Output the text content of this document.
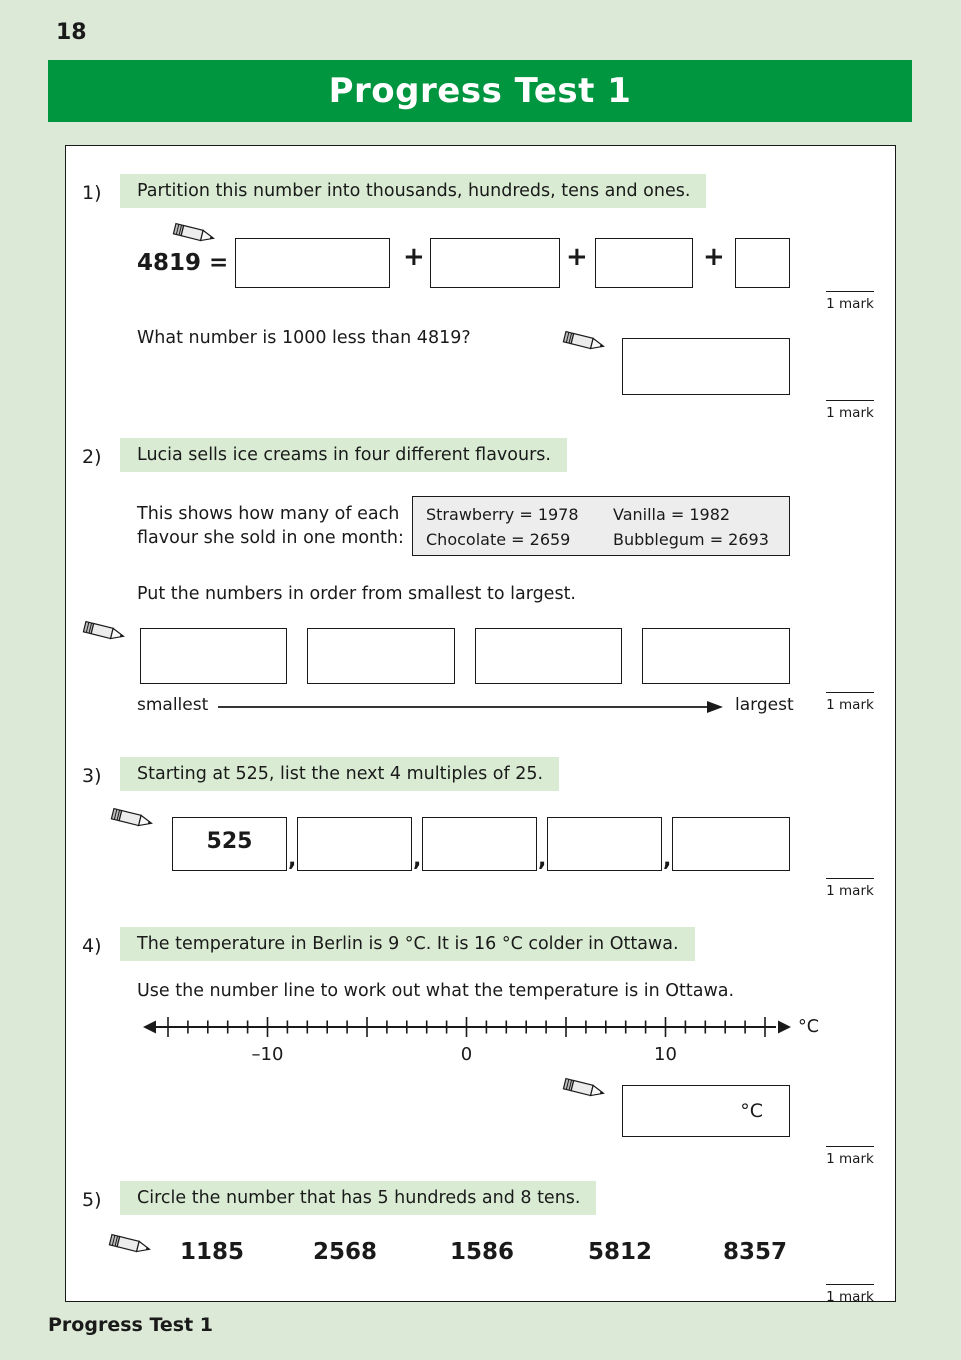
18
Progress Test 1
1)	Partition this number into thousands, hundreds, tens and ones.
4819 =	+	+	+
1 mark
What number is 1000 less than 4819?
1 mark
2)	Lucia sells ice creams in four different flavours.
This shows how many of each
flavour she sold in one month:
Strawberry = 1978 Vanilla = 1982
Chocolate = 2659	Bubblegum = 2693
Put the numbers in order from smallest to largest.
smallest	largest 1 mark
3)	Starting at 525, list the next 4 multiples of 25.
525
,	,	,	,
1 mark
4)	The temperature in Berlin is 9 °C. It is 16 °C colder in Ottawa.
Use the number line to work out what the temperature is in Ottawa.
–10	0	10
°C
°C
1 mark
5)	Circle the number that has 5 hundreds and 8 tens.
1185	2568	1586	5812	8357
1 mark
Progress Test 1
